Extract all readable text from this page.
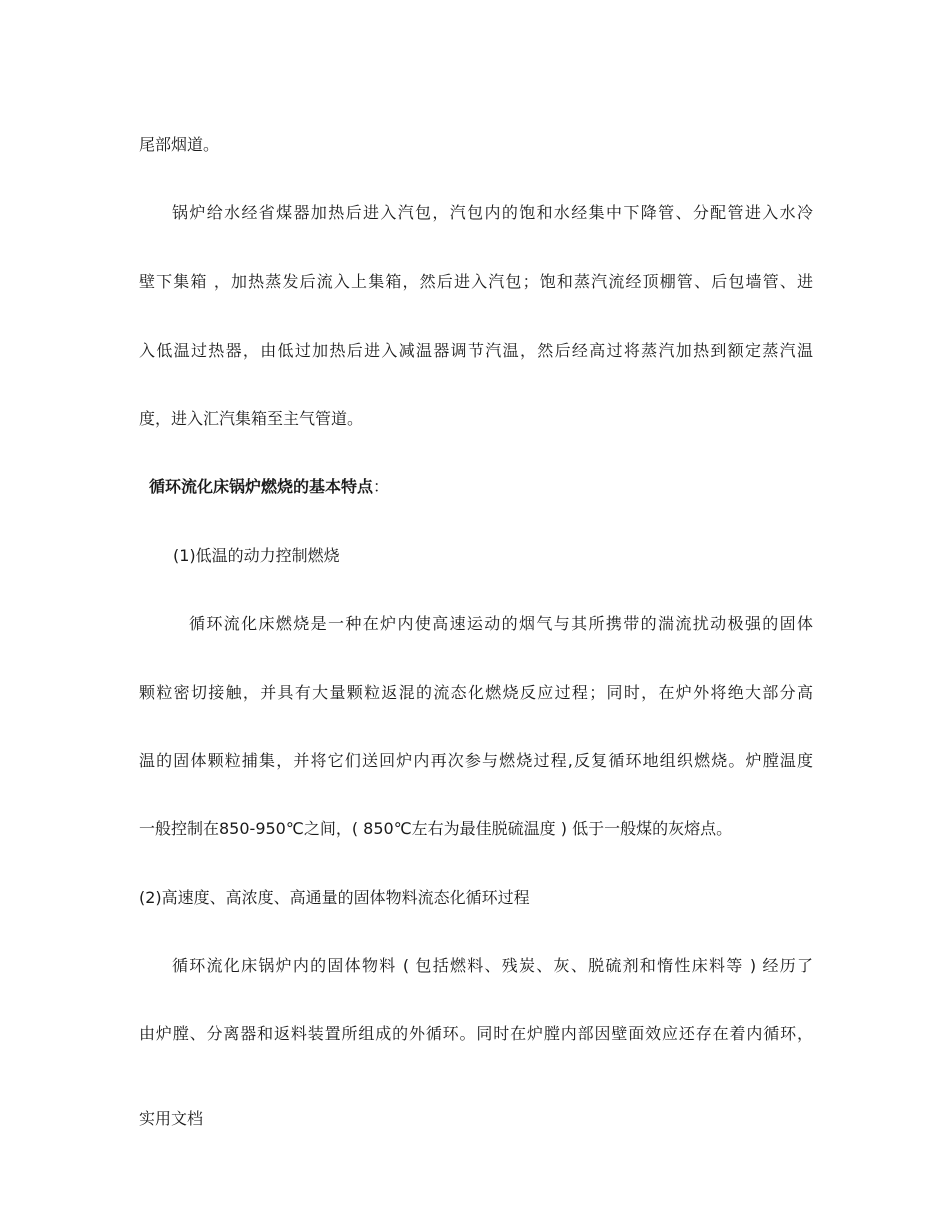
尾部烟道。
锅炉给水经省煤器加热后进入汽包，汽包内的饱和水经集中下降管、分配管进入水冷
壁下集箱 ，加热蒸发后流入上集箱，然后进入汽包；饱和蒸汽流经顶棚管、后包墙管、进
入低温过热器，由低过加热后进入减温器调节汽温，然后经高过将蒸汽加热到额定蒸汽温
度，进入汇汽集箱至主气管道。
循环流化床锅炉燃烧的基本特点：
(1)低温的动力控制燃烧
循环流化床燃烧是一种在炉内使高速运动的烟气与其所携带的湍流扰动极强的固体
颗粒密切接触，并具有大量颗粒返混的流态化燃烧反应过程；同时，在炉外将绝大部分高
温的固体颗粒捕集，并将它们送回炉内再次参与燃烧过程,反复循环地组织燃烧。炉膛温度
一般控制在850-950℃之间，( 850℃左右为最佳脱硫温度 ) 低于一般煤的灰熔点。
(2)高速度、高浓度、高通量的固体物料流态化循环过程
循环流化床锅炉内的固体物料 ( 包括燃料、残炭、灰、脱硫剂和惰性床料等 ) 经历了
由炉膛、分离器和返料装置所组成的外循环。同时在炉膛内部因壁面效应还存在着内循环，
实用文档
